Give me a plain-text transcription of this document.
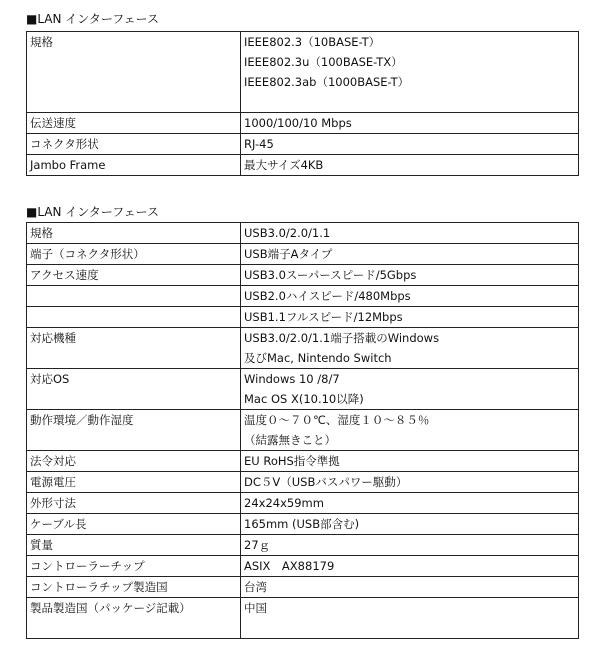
■LAN インターフェース
規格	IEEE802.3（10BASE-T）
IEEE802.3u（100BASE-TX）
IEEE802.3ab（1000BASE-T）

伝送速度	1000/100/10 Mbps

コネクタ形状	RJ-45

Jambo Frame	最大サイズ4KB
■LAN インターフェース
規格	USB3.0/2.0/1.1

端子（コネクタ形状）	USB端子Aタイプ

アクセス速度	USB3.0スーパースピード/5Gbps

	USB2.0ハイスピード/480Mbps

	USB1.1フルスピード/12Mbps

対応機種	USB3.0/2.0/1.1端子搭載のWindows
及びMac, Nintendo Switch

対応OS	Windows 10 /8/7
Mac OS X(10.10以降)

動作環境／動作湿度	温度０～７０℃、湿度１０～８５％
（結露無きこと）

法令対応	EU RoHS指令準拠

電源電圧	DC５V（USBバスパワー駆動）

外形寸法	24x24x59mm

ケーブル長	165mm (USB部含む)

質量	27ｇ

コントローラーチップ	ASIX　AX88179

コントローラチップ製造国	台湾

製品製造国（パッケージ記載）	中国
